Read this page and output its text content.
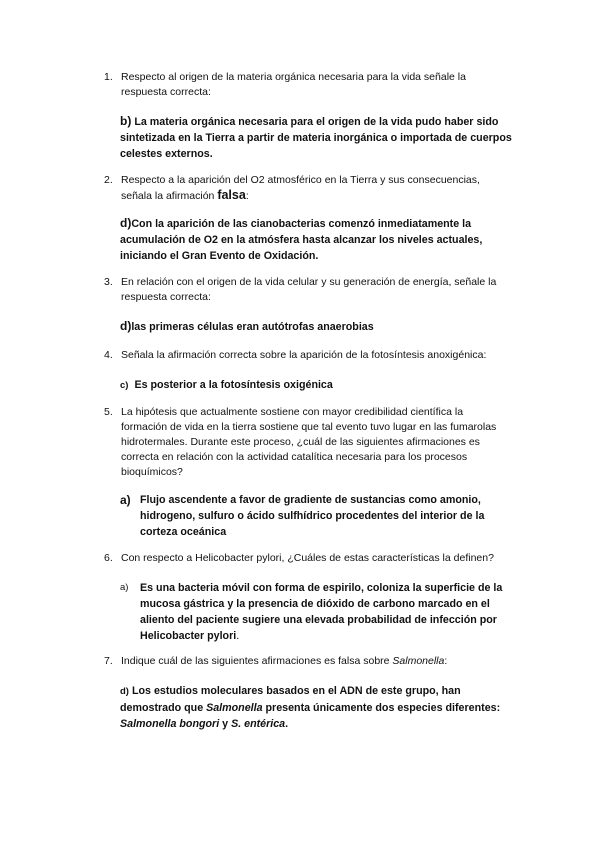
1. Respecto al origen de la materia orgánica necesaria para la vida señale la respuesta correcta:
b) La materia orgánica necesaria para el origen de la vida pudo haber sido sintetizada en la Tierra a partir de materia inorgánica o importada de cuerpos celestes externos.
2. Respecto a la aparición del O2 atmosférico en la Tierra y sus consecuencias, señala la afirmación falsa:
d)Con la aparición de las cianobacterias comenzó inmediatamente la acumulación de O2 en la atmósfera hasta alcanzar los niveles actuales, iniciando el Gran Evento de Oxidación.
3. En relación con el origen de la vida celular y su generación de energía, señale la respuesta correcta:
d)las primeras células eran autótrofas anaerobias
4. Señala la afirmación correcta sobre la aparición de la fotosíntesis anoxigénica:
c) Es posterior a la fotosíntesis oxigénica
5. La hipótesis que actualmente sostiene con mayor credibilidad científica la formación de vida en la tierra sostiene que tal evento tuvo lugar en las fumarolas hidrotermales. Durante este proceso, ¿cuál de las siguientes afirmaciones es correcta en relación con la actividad catalítica necesaria para los procesos bioquímicos?
a) Flujo ascendente a favor de gradiente de sustancias como amonio, hidrogeno, sulfuro o ácido sulfhídrico procedentes del interior de la corteza oceánica
6. Con respecto a Helicobacter pylori, ¿Cuáles de estas características la definen?
a)	Es una bacteria móvil con forma de espirilo, coloniza la superficie de la mucosa gástrica y la presencia de dióxido de carbono marcado en el aliento del paciente sugiere una elevada probabilidad de infección por Helicobacter pylori.
7. Indique cuál de las siguientes afirmaciones es falsa sobre Salmonella:
d) Los estudios moleculares basados en el ADN de este grupo, han demostrado que Salmonella presenta únicamente dos especies diferentes: Salmonella bongori y S. entérica.
